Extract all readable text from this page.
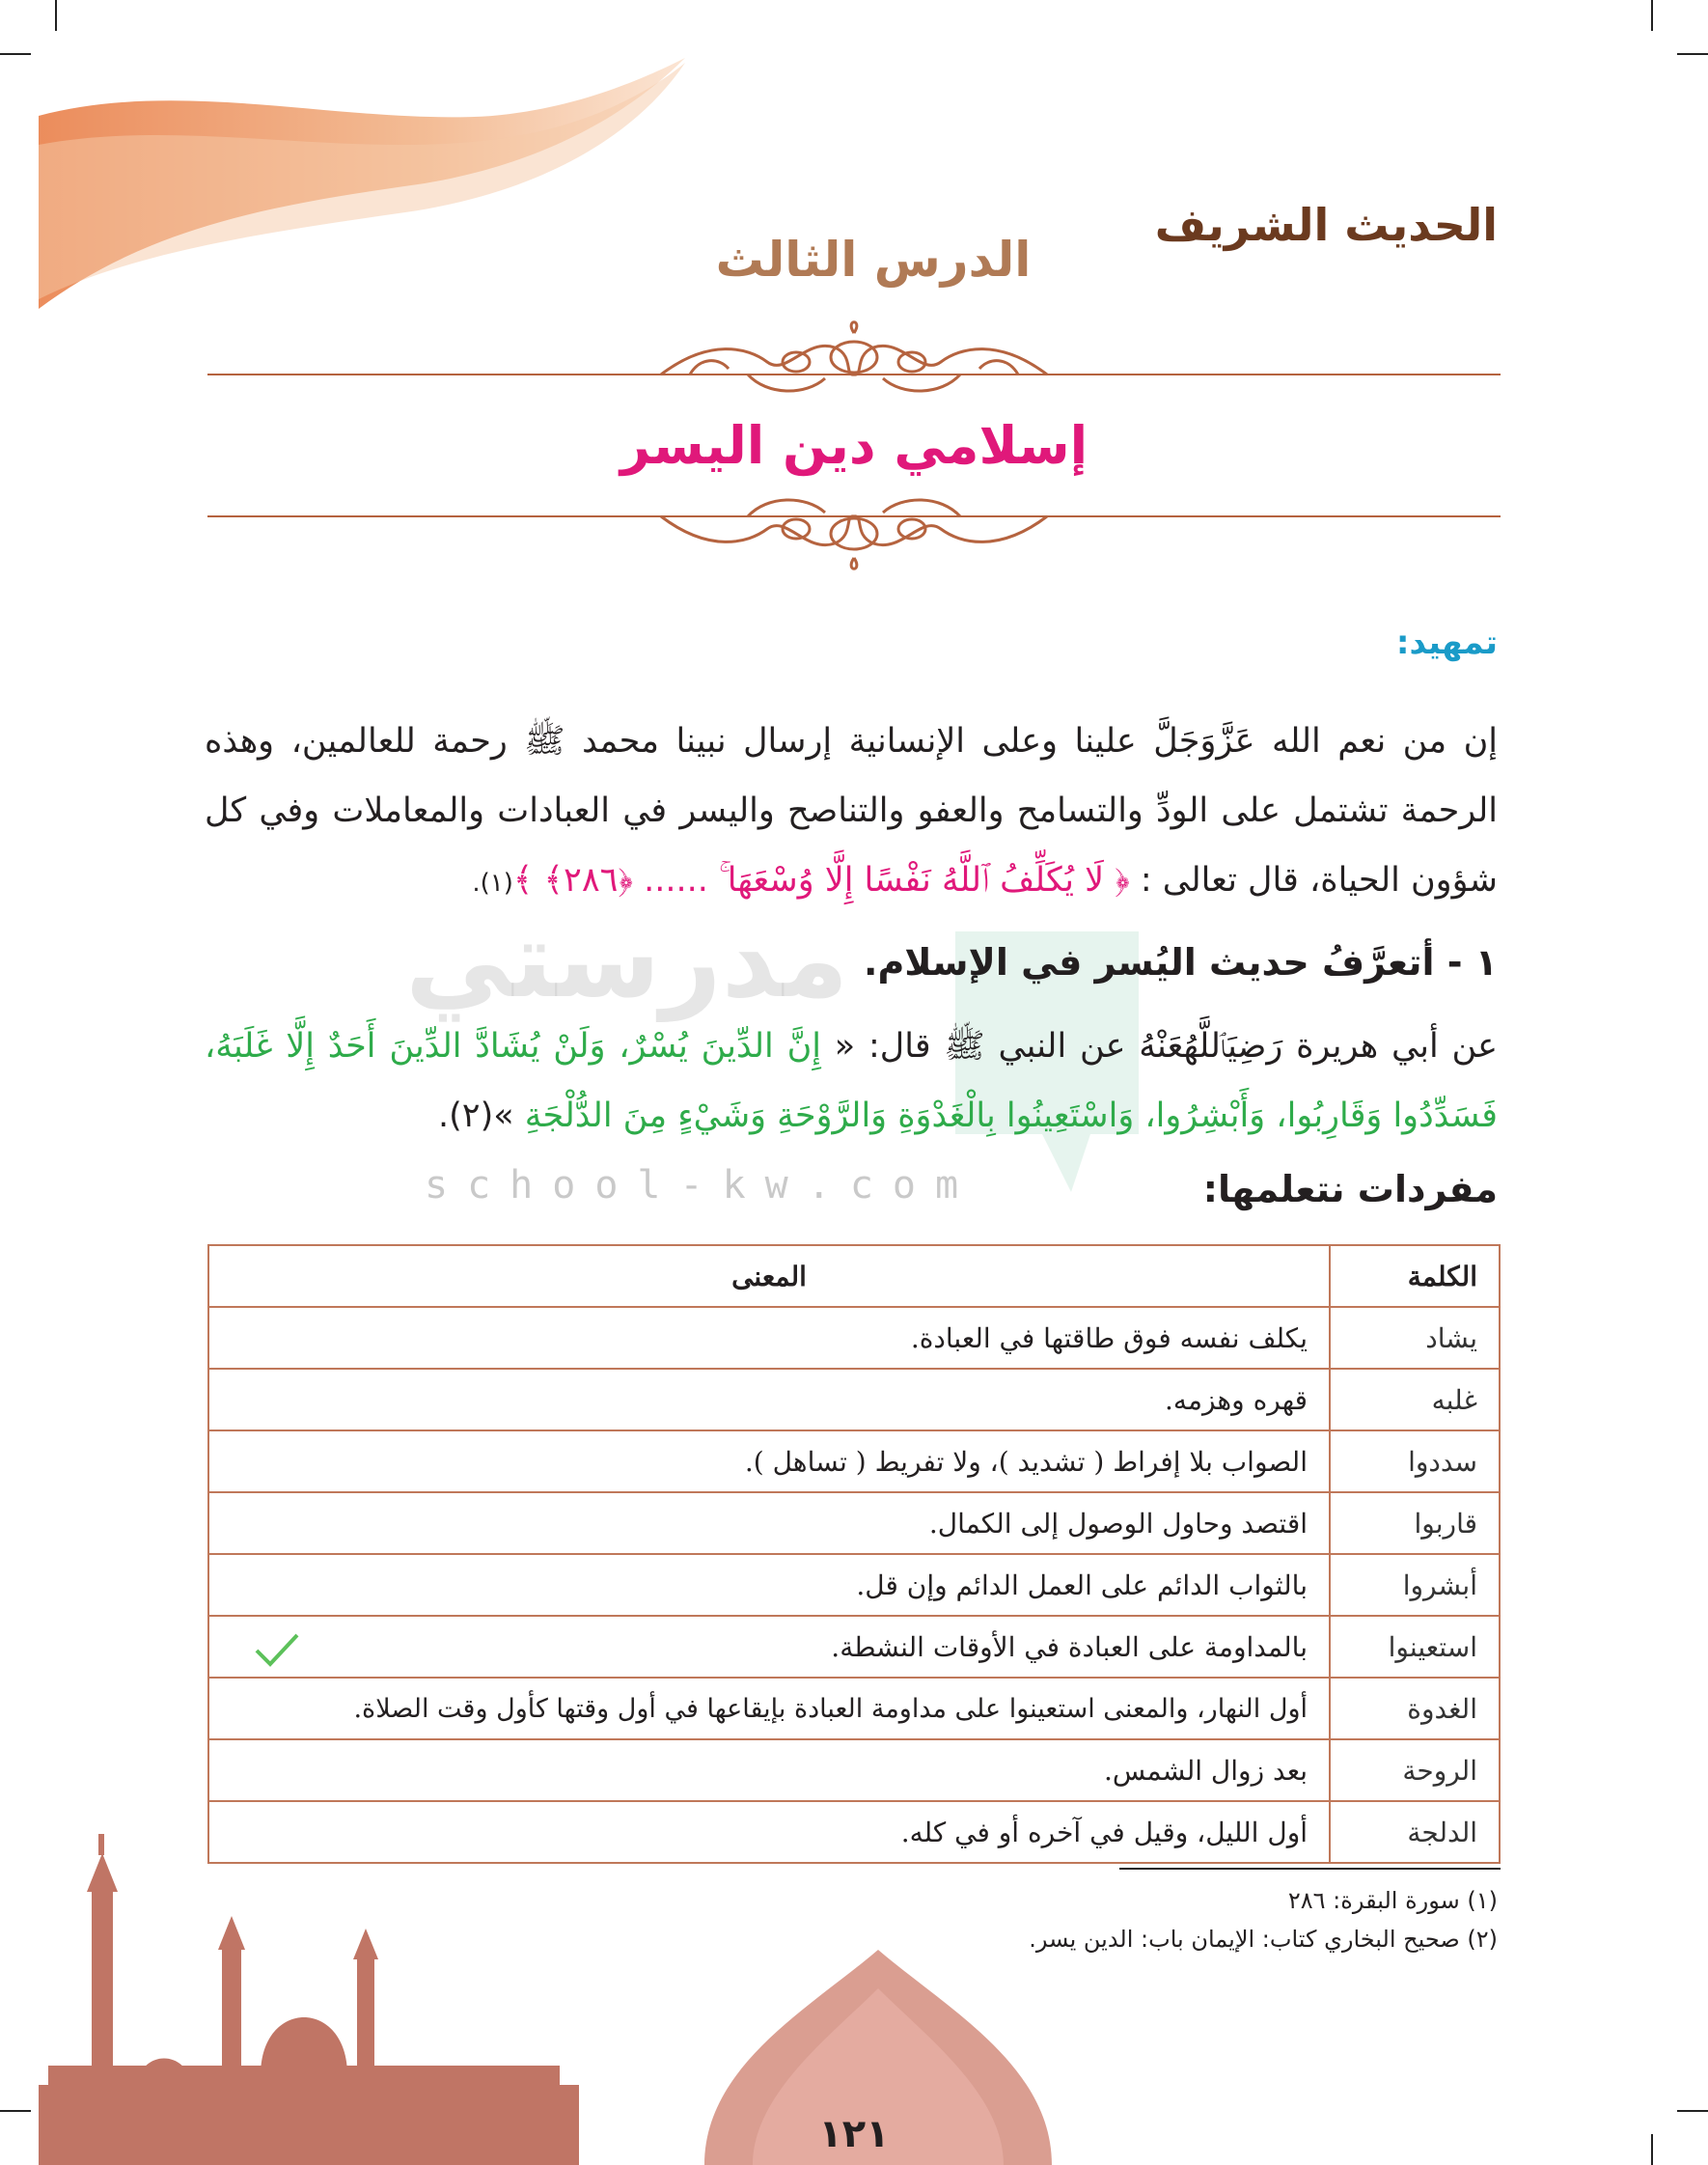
الحديث الشريف
الدرس الثالث
إسلامي دين اليسر
مدرستي
school-kw.com
تمهيد:
إن من نعم الله عَزَّوَجَلَّ علينا وعلى الإنسانية إرسال نبينا محمد ﷺ رحمة للعالمين، وهذه الرحمة تشتمل على الودِّ والتسامح والعفو والتناصح واليسر في العبادات والمعاملات وفي كل شؤون الحياة، قال تعالى : ﴿ لَا يُكَلِّفُ ٱللَّهُ نَفْسًا إِلَّا وُسْعَهَا ۚ ...... ﴿٢٨٦﴾ ﴾(١).
١ - أتعرَّفُ حديث اليُسر في الإسلام.
عن أبي هريرة رَضِيَٱللَّهُعَنْهُ عن النبي ﷺ قال: « إِنَّ الدِّينَ يُسْرٌ، وَلَنْ يُشَادَّ الدِّينَ أَحَدٌ إِلَّا غَلَبَهُ، فَسَدِّدُوا وَقَارِبُوا، وَأَبْشِرُوا، وَاسْتَعِينُوا بِالْغَدْوَةِ وَالرَّوْحَةِ وَشَيْءٍ مِنَ الدُّلْجَةِ »(٢).
مفردات نتعلمها:
الكلمة	المعنى
يشاد	يكلف نفسه فوق طاقتها في العبادة.
غلبه	قهره وهزمه.
سددوا	الصواب بلا إفراط ( تشديد )، ولا تفريط ( تساهل ).
قاربوا	اقتصد وحاول الوصول إلى الكمال.
أبشروا	بالثواب الدائم على العمل الدائم وإن قل.
استعينوا	بالمداومة على العبادة في الأوقات النشطة.
الغدوة	أول النهار، والمعنى استعينوا على مداومة العبادة بإيقاعها في أول وقتها كأول وقت الصلاة.
الروحة	بعد زوال الشمس.
الدلجة	أول الليل، وقيل في آخره أو في كله.
(١) سورة البقرة: ٢٨٦
(٢) صحيح البخاري كتاب: الإيمان باب: الدين يسر.
١٢١
